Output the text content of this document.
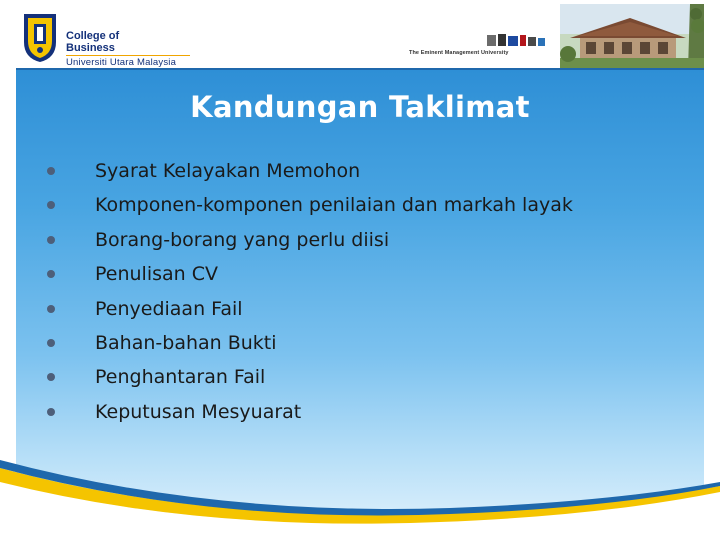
College of
Business
Universiti Utara Malaysia
The Eminent Management University
Kandungan Taklimat
Syarat Kelayakan Memohon
Komponen-komponen penilaian dan markah layak
Borang-borang yang perlu diisi
Penulisan CV
Penyediaan Fail
Bahan-bahan Bukti
Penghantaran Fail
Keputusan Mesyuarat
